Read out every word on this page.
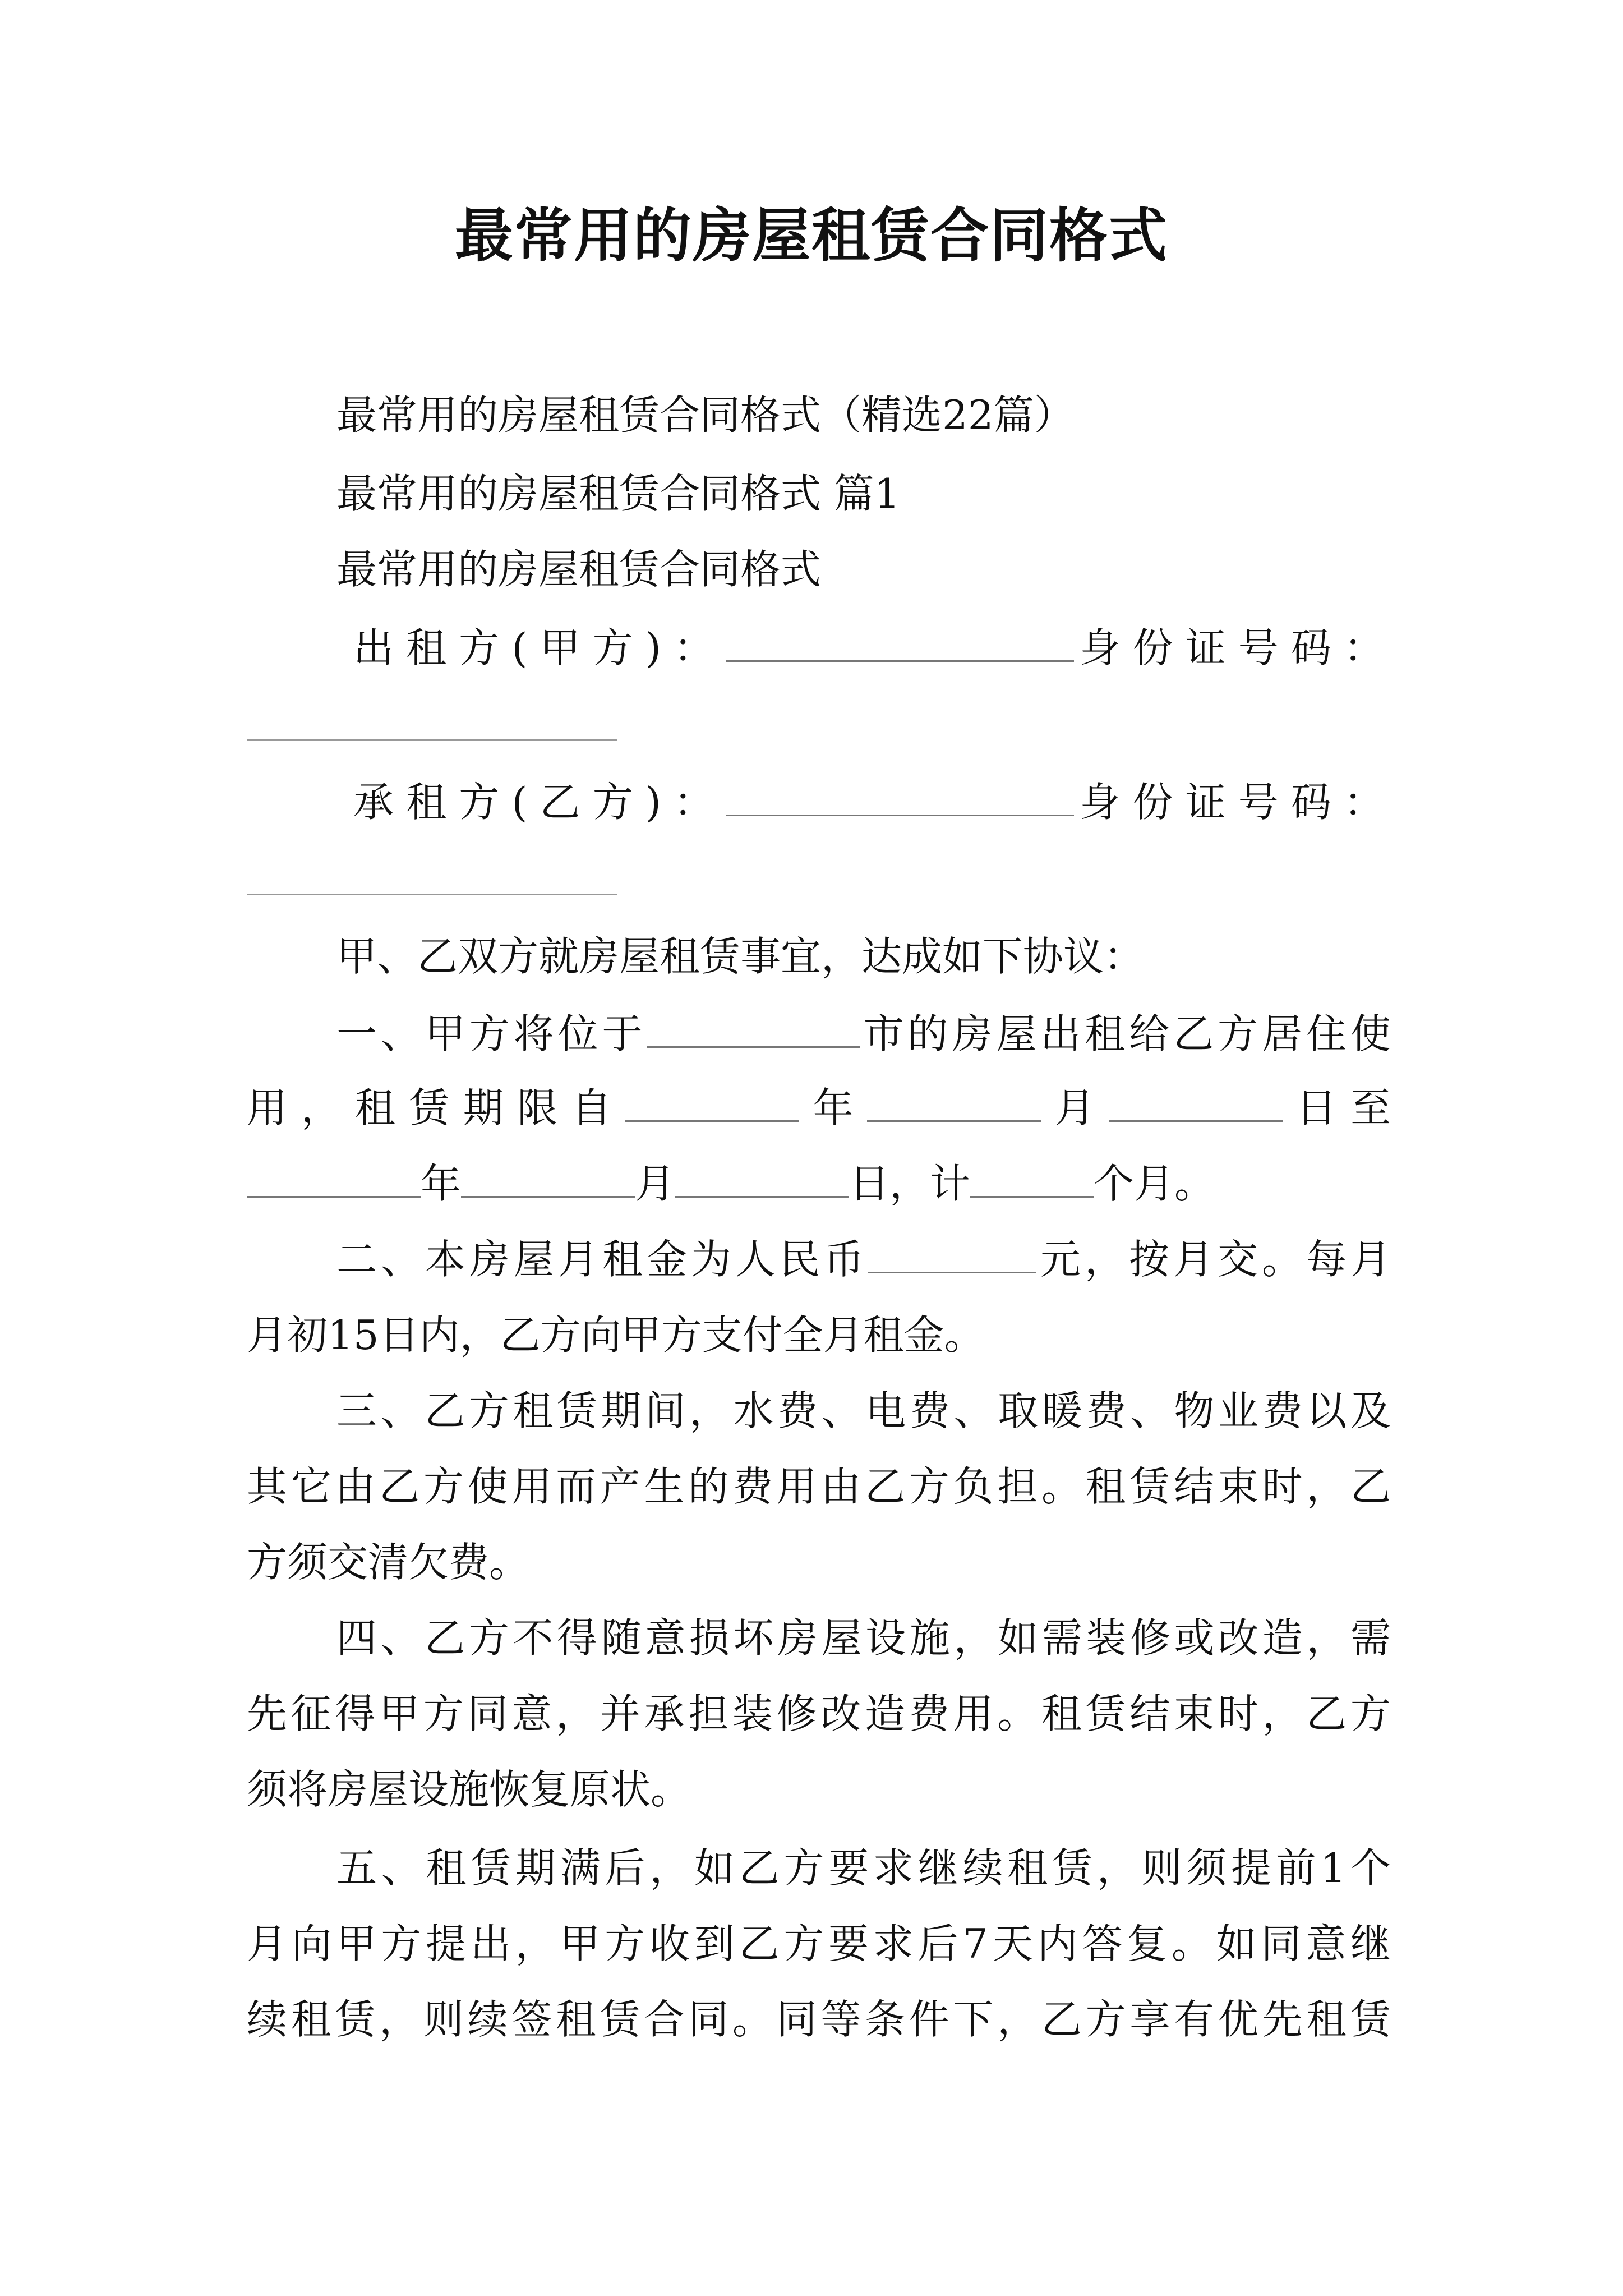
最常用的房屋租赁合同格式
最常用的房屋租赁合同格式（精选22篇）
最常用的房屋租赁合同格式 篇1
最常用的房屋租赁合同格式
出租方(甲方)：	身份证号码：
承租方(乙方)：	身份证号码：
甲、乙双方就房屋租赁事宜，达成如下协议：
一、甲方将位于	市的房屋出租给乙方居住使
用，租赁期限自	年	月	日至
年	月	日，计	个月。
二、本房屋月租金为人民币	元，按月交。每月
月初15日内，乙方向甲方支付全月租金。
三、乙方租赁期间，水费、电费、取暖费、物业费以及
其它由乙方使用而产生的费用由乙方负担。租赁结束时，乙
方须交清欠费。
四、乙方不得随意损坏房屋设施，如需装修或改造，需
先征得甲方同意，并承担装修改造费用。租赁结束时，乙方
须将房屋设施恢复原状。
五、租赁期满后，如乙方要求继续租赁，则须提前1个
月向甲方提出，甲方收到乙方要求后7天内答复。如同意继
续租赁，则续签租赁合同。同等条件下，乙方享有优先租赁
